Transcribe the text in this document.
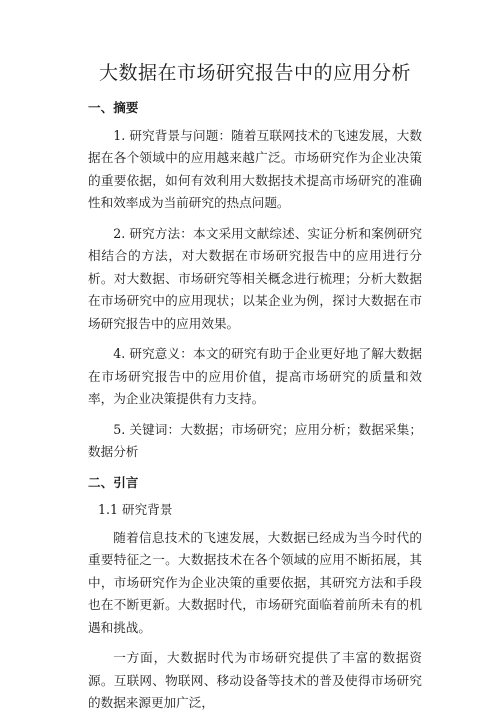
大数据在市场研究报告中的应用分析
一、摘要

1. 研究背景与问题：随着互联网技术的飞速发展，大数据在各个领域中的应用越来越广泛。市场研究作为企业决策的重要依据，如何有效利用大数据技术提高市场研究的准确性和效率成为当前研究的热点问题。

2. 研究方法：本文采用文献综述、实证分析和案例研究相结合的方法，对大数据在市场研究报告中的应用进行分析。对大数据、市场研究等相关概念进行梳理；分析大数据在市场研究中的应用现状；以某企业为例，探讨大数据在市场研究报告中的应用效果。

4. 研究意义：本文的研究有助于企业更好地了解大数据在市场研究报告中的应用价值，提高市场研究的质量和效率，为企业决策提供有力支持。

5. 关键词：大数据；市场研究；应用分析；数据采集；数据分析

二、引言
1.1 研究背景

随着信息技术的飞速发展，大数据已经成为当今时代的重要特征之一。大数据技术在各个领域的应用不断拓展，其中，市场研究作为企业决策的重要依据，其研究方法和手段也在不断更新。大数据时代，市场研究面临着前所未有的机遇和挑战。

一方面，大数据时代为市场研究提供了丰富的数据资源。互联网、物联网、移动设备等技术的普及使得市场研究的数据来源更加广泛，
